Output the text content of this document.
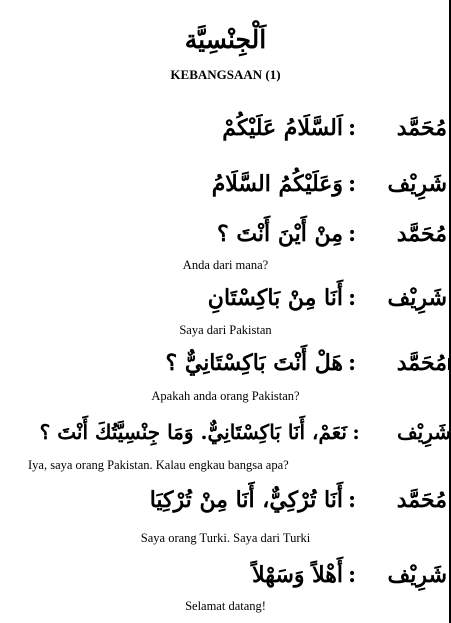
اَلْجِنْسِيَّة
KEBANGSAAN (1)
مُحَمَّد:اَلسَّلَامُ عَلَيْكُمْ
شَرِيْف:وَعَلَيْكُمُ السَّلَامُ
مُحَمَّد:مِنْ أَيْنَ أَنْتَ ؟
Anda dari mana?
شَرِيْف:أَنَا مِنْ بَاكِسْتَانِ
Saya dari Pakistan
مُحَمَّد:هَلْ أَنْتَ بَاكِسْتَانِيٌّ ؟
Apakah anda orang Pakistan?
شَرِيْف:نَعَمْ، أَنَا بَاكِسْتَانِيٌّ. وَمَا جِنْسِيَّتُكَ أَنْتَ ؟
Iya, saya orang Pakistan. Kalau engkau bangsa apa?
مُحَمَّد:أَنَا تُرْكِيٌّ، أَنَا مِنْ تُرْكِيَا
Saya orang Turki. Saya dari Turki
شَرِيْف:أَهْلاً وَسَهْلاً
Selamat datang!
